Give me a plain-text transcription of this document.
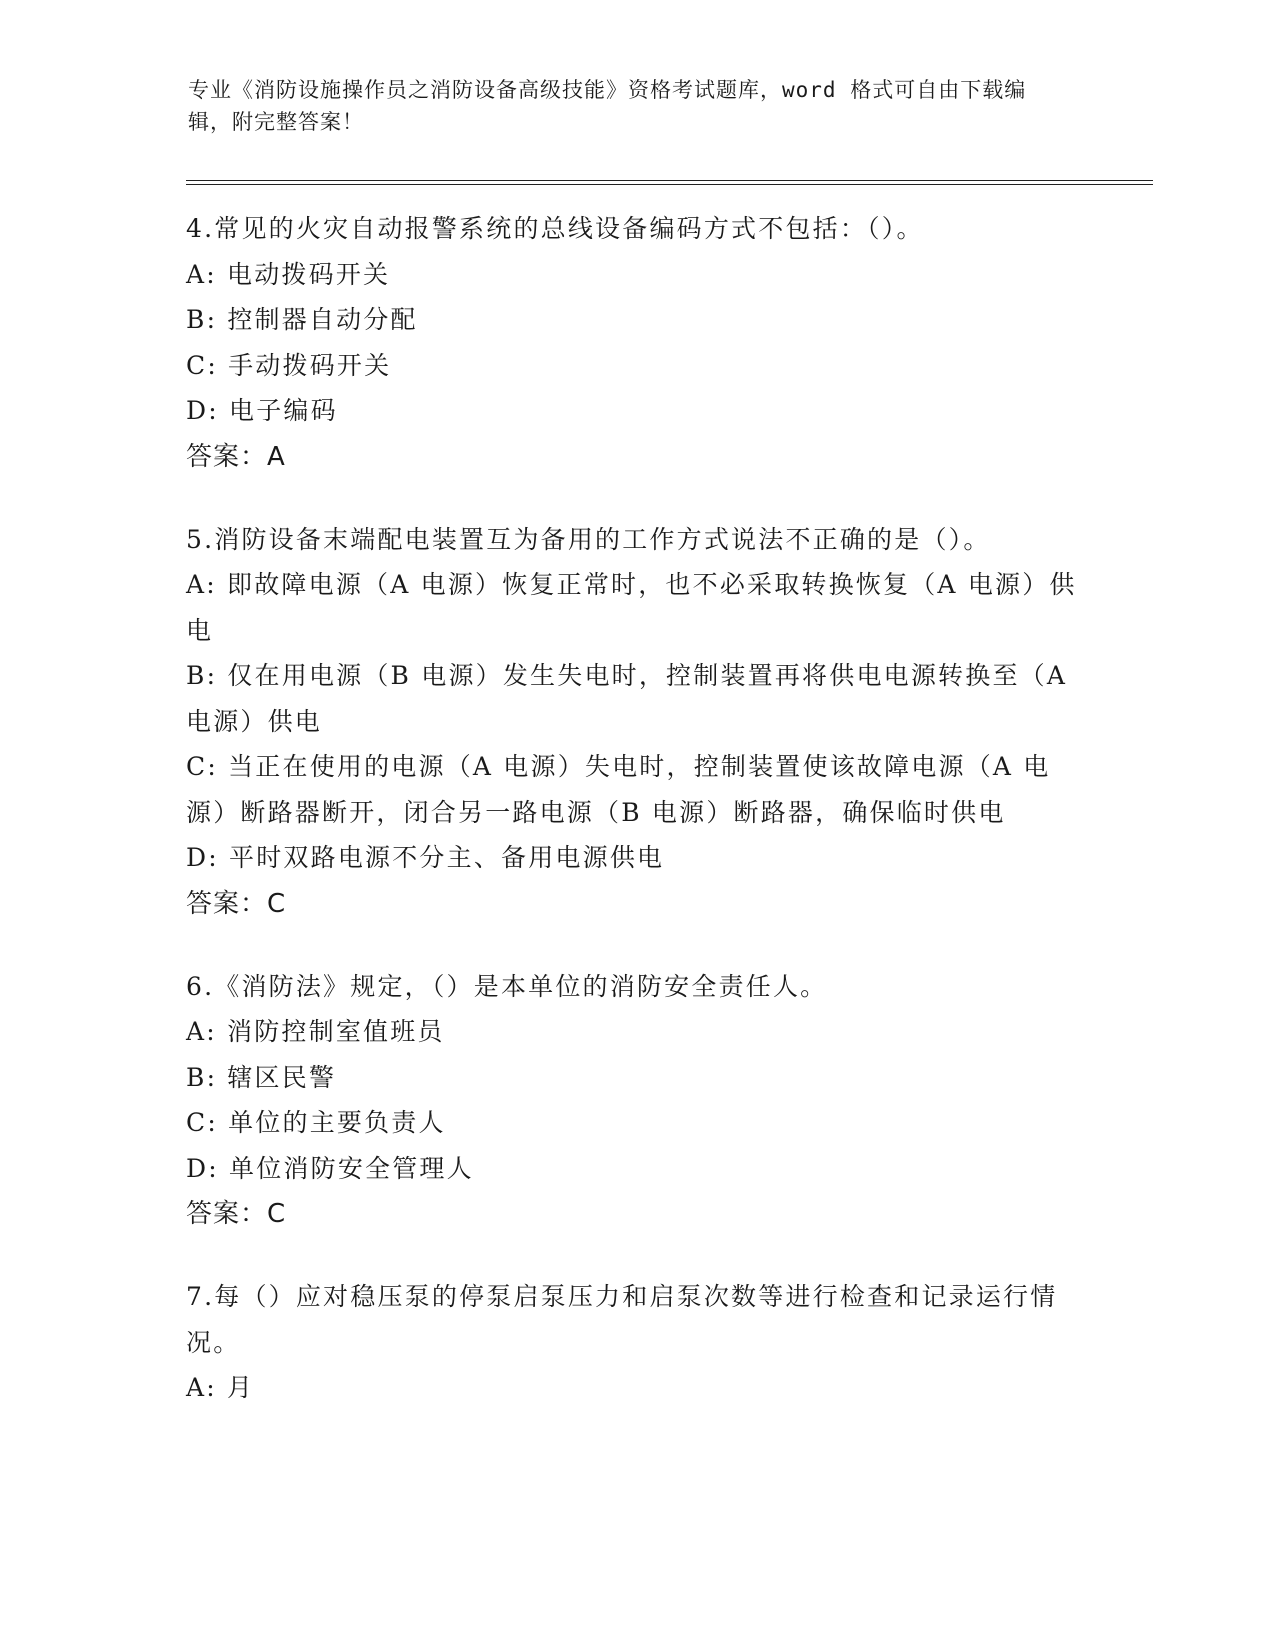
专业《消防设施操作员之消防设备高级技能》资格考试题库，word 格式可自由下载编辑，附完整答案！
4.常见的火灾自动报警系统的总线设备编码方式不包括：（）。
A: 电动拨码开关
B: 控制器自动分配
C: 手动拨码开关
D: 电子编码
答案：A
5.消防设备末端配电装置互为备用的工作方式说法不正确的是（）。
A: 即故障电源（A 电源）恢复正常时，也不必采取转换恢复（A 电源）供电
B: 仅在用电源（B 电源）发生失电时，控制装置再将供电电源转换至（A 电源）供电
C: 当正在使用的电源（A 电源）失电时，控制装置使该故障电源（A 电源）断路器断开，闭合另一路电源（B 电源）断路器，确保临时供电
D: 平时双路电源不分主、备用电源供电
答案：C
6.《消防法》规定，（）是本单位的消防安全责任人。
A: 消防控制室值班员
B: 辖区民警
C: 单位的主要负责人
D: 单位消防安全管理人
答案：C
7.每（）应对稳压泵的停泵启泵压力和启泵次数等进行检查和记录运行情况。
A: 月
